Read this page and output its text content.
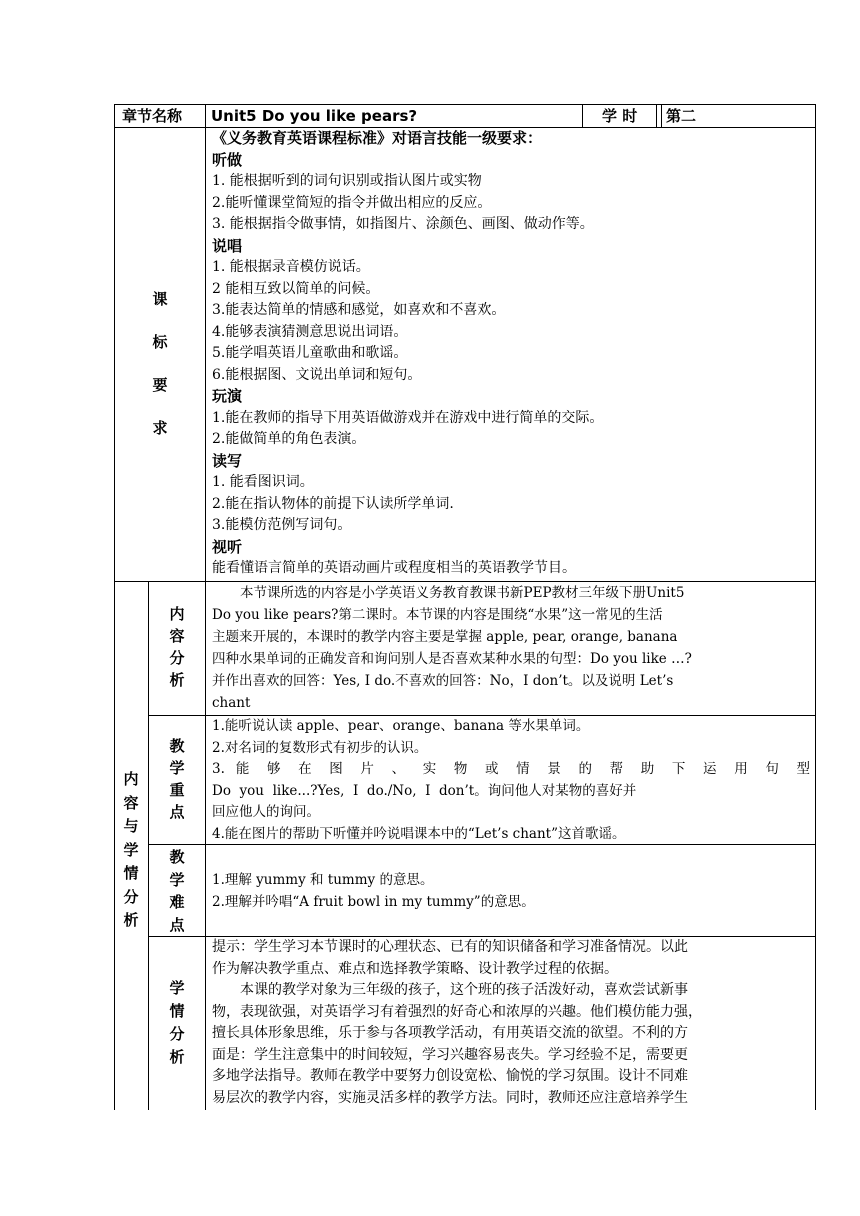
章节名称	Unit5 Do you like pears?	学 时 第二
课
标
要
求
《义务教育英语课程标准》对语言技能一级要求：
听做
1. 能根据听到的词句识别或指认图片或实物
2.能听懂课堂简短的指令并做出相应的反应。
3. 能根据指令做事情，如指图片、涂颜色、画图、做动作等。
说唱
1. 能根据录音模仿说话。
2 能相互致以简单的问候。
3.能表达简单的情感和感觉，如喜欢和不喜欢。
4.能够表演猜测意思说出词语。
5.能学唱英语儿童歌曲和歌谣。
6.能根据图、文说出单词和短句。
玩演
1.能在教师的指导下用英语做游戏并在游戏中进行简单的交际。
2.能做简单的角色表演。
读写
1. 能看图识词。
2.能在指认物体的前提下认读所学单词.
3.能模仿范例写词句。
视听
能看懂语言简单的英语动画片或程度相当的英语教学节目。
内
容
与
学
情
分
析
内
容
分
析
本节课所选的内容是小学英语义务教育教课书新PEP教材三年级下册Unit5
Do you like pears?第二课时。本节课的内容是围绕“水果”这一常见的生活
主题来开展的，本课时的教学内容主要是掌握 apple, pear, orange, banana
四种水果单词的正确发音和询问别人是否喜欢某种水果的句型：Do you like …?
并作出喜欢的回答：Yes, I do.不喜欢的回答：No，I don’t。以及说明 Let’s
chant
教
学
重
点
1.能听说认读 apple、pear、orange、banana 等水果单词。
2.对名词的复数形式有初步的认识。
3. 能 够 在 图 片 、 实 物 或 情 景 的 帮 助 下 运 用 句 型
Do  you  like...?Yes,  I  do./No,  I  don’t。询问他人对某物的喜好并
回应他人的询问。
4.能在图片的帮助下听懂并吟说唱课本中的“Let’s chant”这首歌谣。
教
学
难
点
1.理解 yummy 和 tummy 的意思。
2.理解并吟唱“A fruit bowl in my tummy”的意思。
学
情
分
析
提示：学生学习本节课时的心理状态、已有的知识储备和学习准备情况。以此
作为解决教学重点、难点和选择教学策略、设计教学过程的依据。
本课的教学对象为三年级的孩子，这个班的孩子活泼好动，喜欢尝试新事
物，表现欲强，对英语学习有着强烈的好奇心和浓厚的兴趣。他们模仿能力强，
擅长具体形象思维，乐于参与各项教学活动，有用英语交流的欲望。不利的方
面是：学生注意集中的时间较短，学习兴趣容易丧失。学习经验不足，需要更
多地学法指导。教师在教学中要努力创设宽松、愉悦的学习氛围。设计不同难
易层次的教学内容，实施灵活多样的教学方法。同时，教师还应注意培养学生
